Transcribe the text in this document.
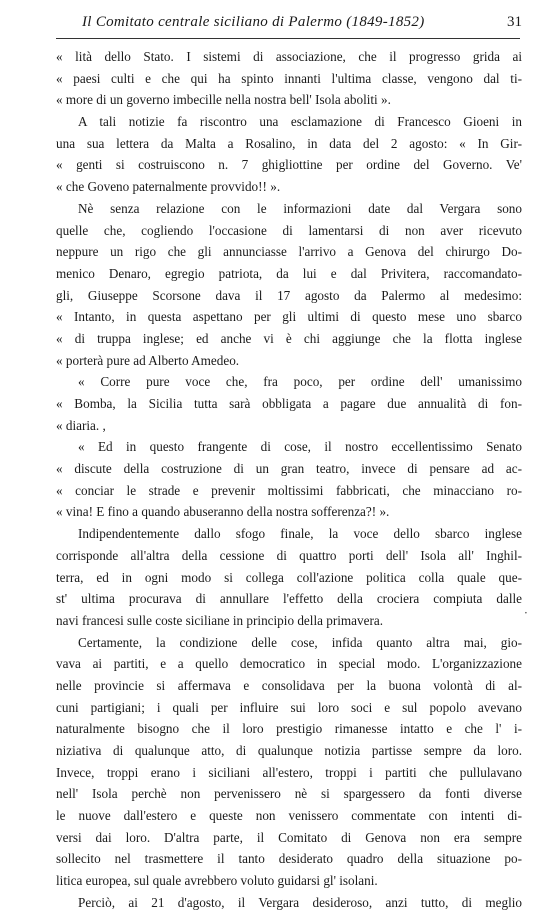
Il Comitato centrale siciliano di Palermo (1849-1852)	31
« lità dello Stato. I sistemi di associazione, che il progresso grida ai
« paesi culti e che qui ha spinto innanti l'ultima classe, vengono dal ti-
« more di un governo imbecille nella nostra bell' Isola aboliti ».
A tali notizie fa riscontro una esclamazione di Francesco Gioeni in
una sua lettera da Malta a Rosalino, in data del 2 agosto: « In Gir-
« genti si costruiscono n. 7 ghigliottine per ordine del Governo. Ve'
« che Goveno paternalmente provvido!! ».
Nè senza relazione con le informazioni date dal Vergara sono
quelle che, cogliendo l'occasione di lamentarsi di non aver ricevuto
neppure un rigo che gli annunciasse l'arrivo a Genova del chirurgo Do-
menico Denaro, egregio patriota, da lui e dal Privitera, raccomandato-
gli, Giuseppe Scorsone dava il 17 agosto da Palermo al medesimo:
« Intanto, in questa aspettano per gli ultimi di questo mese uno sbarco
« di truppa inglese; ed anche vi è chi aggiunge che la flotta inglese
« porterà pure ad Alberto Amedeo.
« Corre pure voce che, fra poco, per ordine dell' umanissimo
« Bomba, la Sicilia tutta sarà obbligata a pagare due annualità di fon-
« diaria. ,
« Ed in questo frangente di cose, il nostro eccellentissimo Senato
« discute della costruzione di un gran teatro, invece di pensare ad ac-
« conciar le strade e prevenir moltissimi fabbricati, che minacciano ro-
« vina! E fino a quando abuseranno della nostra sofferenza?! ».
Indipendentemente dallo sfogo finale, la voce dello sbarco inglese
corrisponde all'altra della cessione di quattro porti dell' Isola all' Inghil-
terra, ed in ogni modo si collega coll'azione politica colla quale que-
st' ultima procurava di annullare l'effetto della crociera compiuta dalle
navi francesi sulle coste siciliane in principio della primavera.
Certamente, la condizione delle cose, infida quanto altra mai, gio-
vava ai partiti, e a quello democratico in special modo. L'organizzazione
nelle provincie si affermava e consolidava per la buona volontà di al-
cuni partigiani; i quali per influire sui loro soci e sul popolo avevano
naturalmente bisogno che il loro prestigio rimanesse intatto e che l' i-
niziativa di qualunque atto, di qualunque notizia partisse sempre da loro.
Invece, troppi erano i siciliani all'estero, troppi i partiti che pullulavano
nell' Isola perchè non pervenissero nè si spargessero da fonti diverse
le nuove dall'estero e queste non venissero commentate con intenti di-
versi dai loro. D'altra parte, il Comitato di Genova non era sempre
sollecito nel trasmettere il tanto desiderato quadro della situazione po-
litica europea, sul quale avrebbero voluto guidarsi gl' isolani.
Perciò, ai 21 d'agosto, il Vergara desideroso, anzi tutto, di meglio
·
